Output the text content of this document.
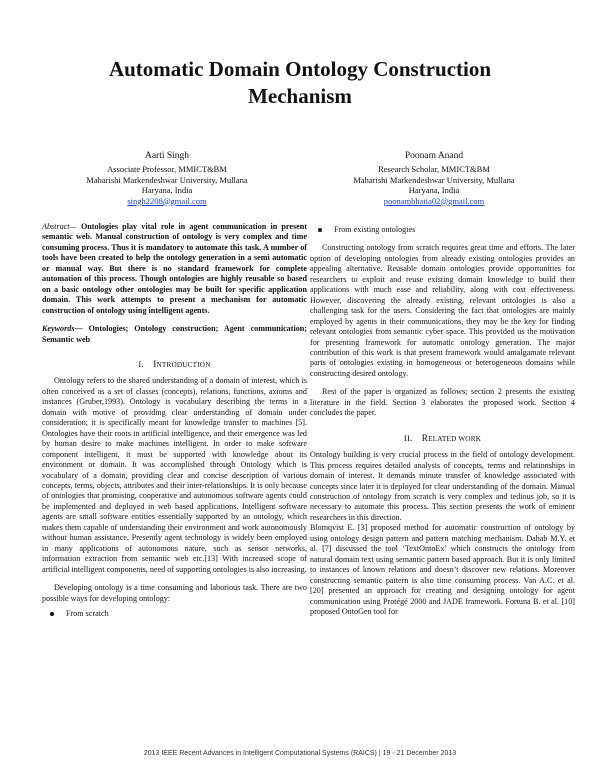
Automatic Domain Ontology Construction
Mechanism
Aarti Singh
Associate Professor, MMICT&BM
Maharishi Markendeshwar University, Mullana
Haryana, India
singh2208@gmail.com
Poonam Anand
Research Scholar, MMICT&BM
Maharishi Markendeshwar University, Mullana
Haryana, India
poonambhatia02@gmail.com

Abstract— Ontologies play vital role in agent communication in present semantic web. Manual construction of ontology is very complex and time consuming process. Thus it is mandatory to automate this task. A number of tools have been created to help the ontology generation in a semi automatic or manual way. But there is no standard framework for complete automation of this process. Though ontologies are highly reusable so based on a basic ontology other ontologies may be built for specific application domain. This work attempts to present a mechanism for automatic construction of ontology using intelligent agents.

Keywords— Ontologies; Ontology construction; Agent communication; Semantic web

I. INTRODUCTION

Ontology refers to the shared understanding of a domain of interest, which is often conceived as a set of classes (concepts), relations, functions, axioms and instances (Gruber,1993). Ontology is vocabulary describing the terms in a domain with motive of providing clear understanding of domain under consideration; it is specifically meant for knowledge transfer to machines [5]. Ontologies have their roots in artificial intelligence, and their emergence was led by human desire to make machines intelligent. In order to make software component intelligent, it must be supported with knowledge about its environment or domain. It was accomplished through Ontology which is vocabulary of a domain, providing clear and concise description of various concepts, terms, objects, attributes and their inter-relationships. It is only because of ontologies that promising, cooperative and autonomous software agents could be implemented and deployed in web based applications. Intelligent software agents are small software entities essentially supported by an ontology, which makes them capable of understanding their environment and work autonomously without human assistance. Presently agent technology is widely been employed in many applications of autonomous nature, such as sensor networks, information extraction from semantic web etc.[13] With increased scope of artificial intelligent components, need of supporting ontologies is also increasing.

Developing ontology is a time consuming and laborious task. There are two possible ways for developing ontology:

From scratch
From existing ontologies

Constructing ontology from scratch requires great time and efforts. The later option of developing ontologies from already existing ontologies provides an appealing alternative. Reusable domain ontologies provide opportunities for researchers to exploit and reuse existing domain knowledge to build their applications with much ease and reliability, along with cost effectiveness. However, discovering the already existing, relevant ontologies is also a challenging task for the users. Considering the fact that ontologies are mainly employed by agents in their communications, they may be the key for finding relevant ontologies from semantic cyber space. This provided us the motivation for presenting framework for automatic ontology generation. The major contribution of this work is that present framework would amalgamate relevant parts of ontologies existing in homogeneous or heterogeneous domains while constructing desired ontology.

Rest of the paper is organized as follows; section 2 presents the existing literature in the field. Section 3 elaborates the proposed work. Section 4 concludes the paper.

II. RELATED WORK

Ontology building is very crucial process in the field of ontology development. This process requires detailed analysis of concepts, terms and relationships in domain of interest. It demands minute transfer of knowledge associated with concepts since later it is deployed for clear understanding of the domain. Manual construction of ontology from scratch is very complex and tedious job, so it is necessary to automate this process. This section presents the work of eminent researchers in this direction.

Blomqvist E. [3] proposed method for automatic construction of ontology by using ontology design pattern and pattern matching mechanism. Dahab M.Y. et al. [7] discussed the tool ‘TextOntoEx’ which constructs the ontology from natural domain text using semantic pattern based approach. But it is only limited to instances of known relations and doesn’t discover new relations. Moreover constructing semantic pattern is also time consuming process. Van A.C. et al. [20] presented an approach for creating and designing ontology for agent communication using Protégé 2000 and JADE framework. Fortuna B. et al. [10] proposed OntoGen tool for

2013 IEEE Recent Advances in Intelligent Computational Systems (RAICS) | 19 - 21 December 2013
